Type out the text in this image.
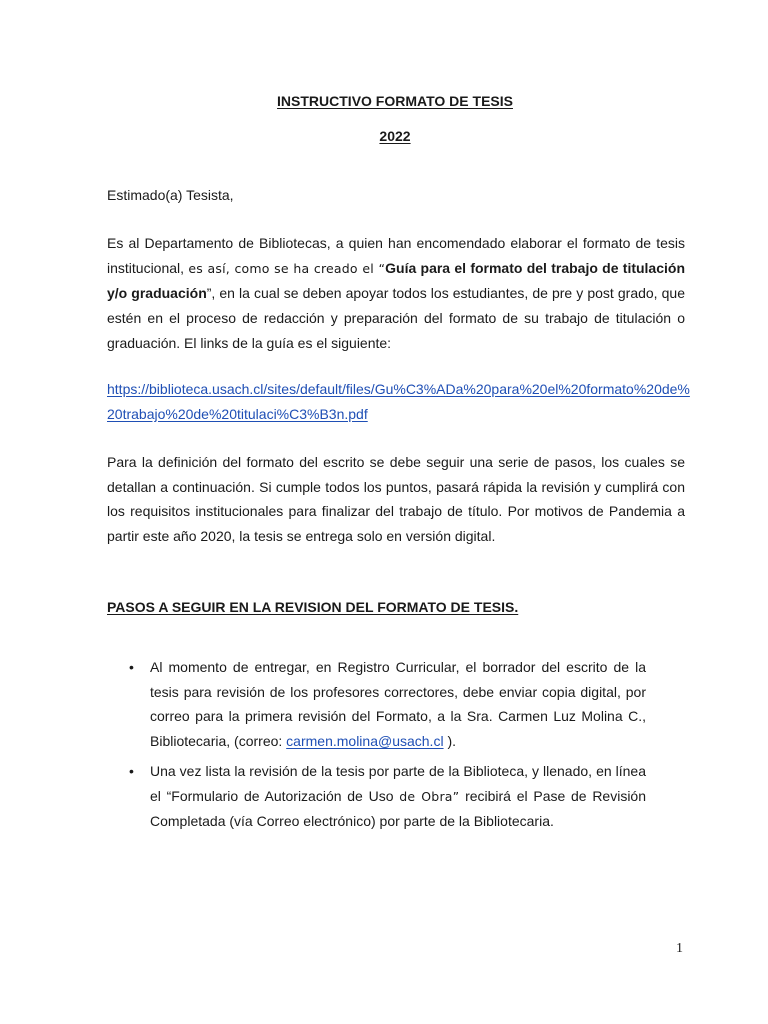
INSTRUCTIVO FORMATO DE TESIS
2022
Estimado(a) Tesista,
Es al Departamento de Bibliotecas, a quien han encomendado elaborar el formato de tesis institucional, es así, como se ha creado el “Guía para el formato del trabajo de titulación y/o graduación”, en la cual se deben apoyar todos los estudiantes, de pre y post grado, que estén en el proceso de redacción y preparación del formato de su trabajo de titulación o graduación. El links de la guía es el siguiente:
https://biblioteca.usach.cl/sites/default/files/Gu%C3%ADa%20para%20el%20formato%20de%
20trabajo%20de%20titulaci%C3%B3n.pdf
Para la definición del formato del escrito se debe seguir una serie de pasos, los cuales se detallan a continuación. Si cumple todos los puntos, pasará rápida la revisión y cumplirá con los requisitos institucionales para finalizar del trabajo de título. Por motivos de Pandemia a partir este año 2020, la tesis se entrega solo en versión digital.
PASOS A SEGUIR EN LA REVISION DEL FORMATO DE TESIS.
• Al momento de entregar, en Registro Curricular, el borrador del escrito de la tesis para revisión de los profesores correctores, debe enviar copia digital, por correo para la primera revisión del Formato, a la Sra. Carmen Luz Molina C., Bibliotecaria, (correo: carmen.molina@usach.cl ).
• Una vez lista la revisión de la tesis por parte de la Biblioteca, y llenado, en línea el “Formulario de Autorización de Uso de Obra” recibirá el Pase de Revisión Completada (vía Correo electrónico) por parte de la Bibliotecaria.
1
